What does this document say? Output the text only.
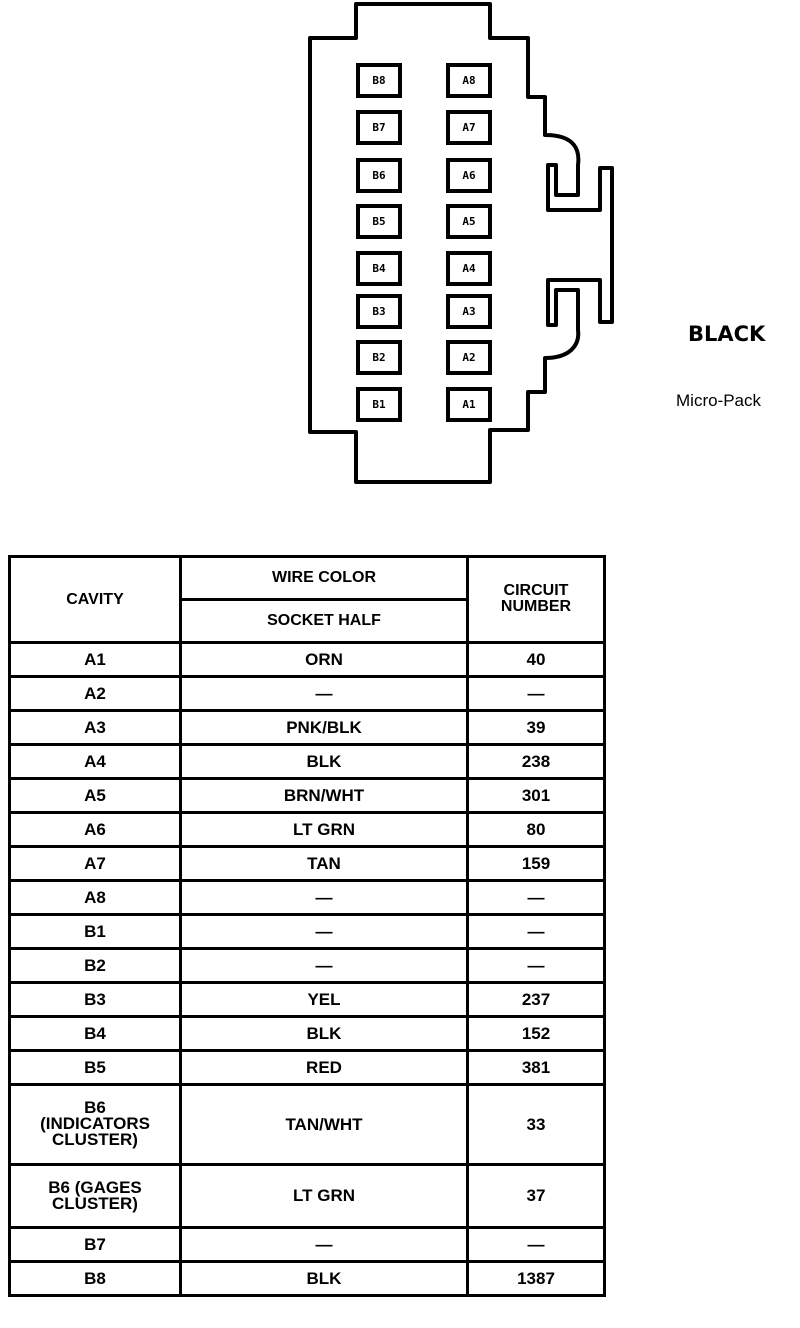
B8
B7
B6
B5
B4
B3
B2
B1
A8
A7
A6
A5
A4
A3
A2
A1
BLACK
Micro-Pack
CAVITY	WIRE COLOR	CIRCUIT
NUMBER
	SOCKET HALF	
A1	ORN	40
A2	—	—
A3	PNK/BLK	39
A4	BLK	238
A5	BRN/WHT	301
A6	LT GRN	80
A7	TAN	159
A8	—	—
B1	—	—
B2	—	—
B3	YEL	237
B4	BLK	152
B5	RED	381
B6
(INDICATORS
CLUSTER)	TAN/WHT	33
B6 (GAGES
CLUSTER)	LT GRN	37
B7	—	—
B8	BLK	1387
